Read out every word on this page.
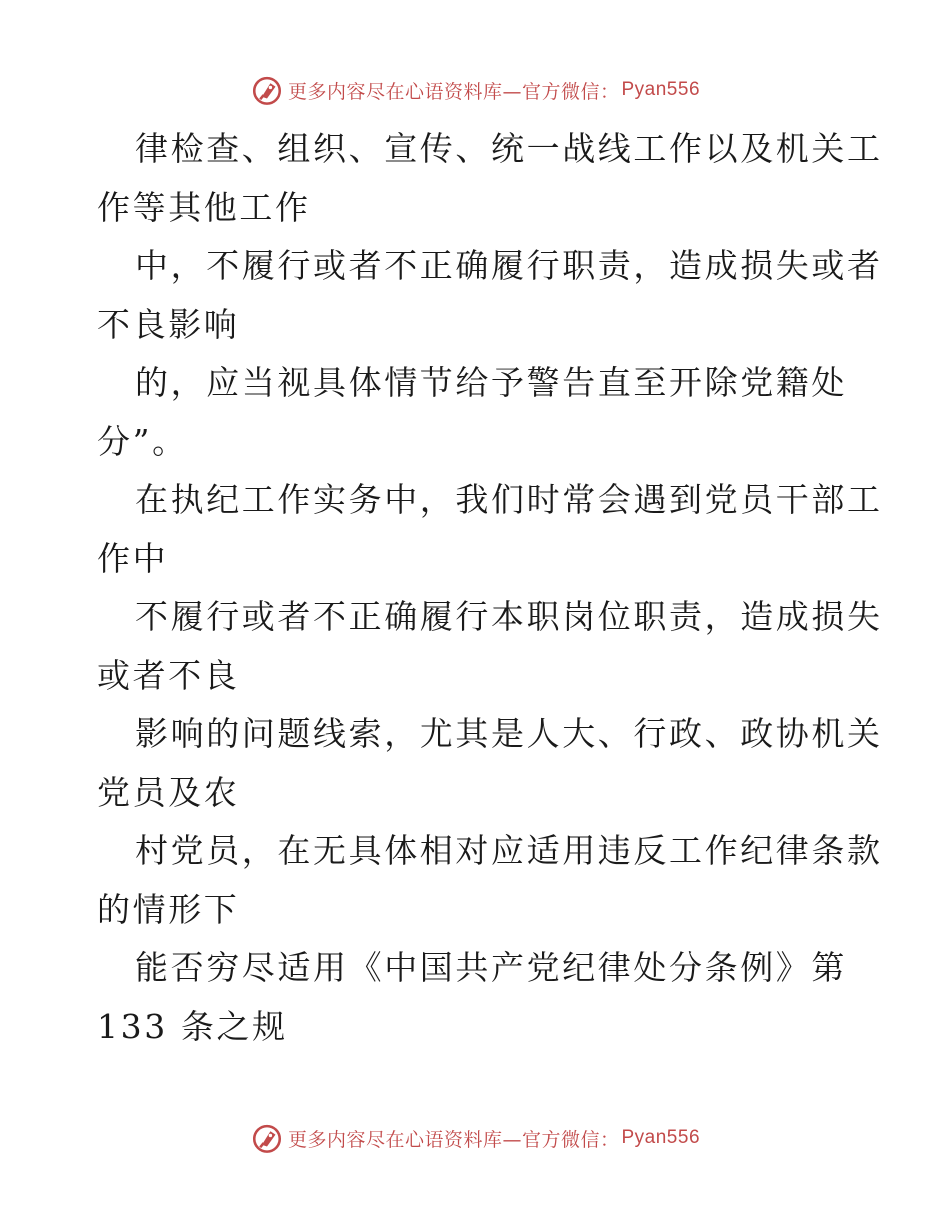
更多内容尽在心语资料库—官方微信： Pyan556

律检查、组织、宣传、统一战线工作以及机关工
作等其他工作
中，不履行或者不正确履行职责，造成损失或者
不良影响
的，应当视具体情节给予警告直至开除党籍处
分”。
在执纪工作实务中，我们时常会遇到党员干部工
作中
不履行或者不正确履行本职岗位职责，造成损失
或者不良
影响的问题线索，尤其是人大、行政、政协机关
党员及农
村党员，在无具体相对应适用违反工作纪律条款
的情形下
能否穷尽适用《中国共产党纪律处分条例》第
133 条之规

更多内容尽在心语资料库—官方微信： Pyan556
